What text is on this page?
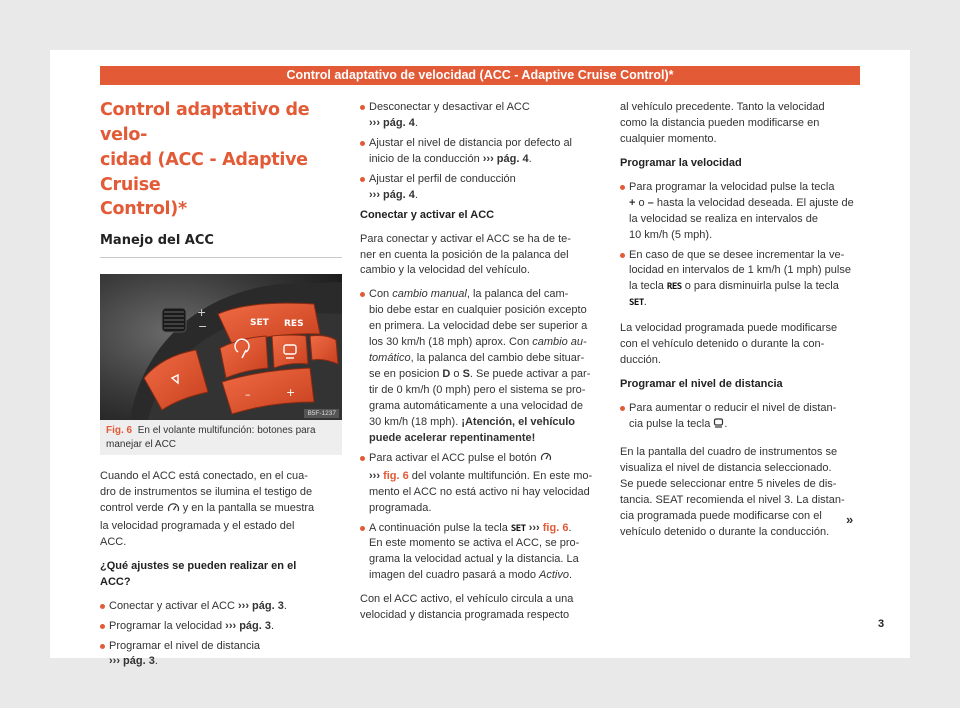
Control adaptativo de velocidad (ACC - Adaptive Cruise Control)*
Control adaptativo de velo-
cidad (ACC - Adaptive Cruise
Control)*
Manejo del ACC
+
−	SET RES
–	+
B5F-1237
Fig. 6 En el volante multifunción: botones para manejar el ACC

Cuando el ACC está conectado, en el cua-
dro de instrumentos se ilumina el testigo de
control verde  y en la pantalla se muestra
la velocidad programada y el estado del
ACC.

¿Qué ajustes se pueden realizar en el
ACC?

Conectar y activar el ACC ››› pág. 3.
Programar la velocidad ››› pág. 3.
Programar el nivel de distancia
››› pág. 3.
Desconectar y desactivar el ACC
››› pág. 4.
Ajustar el nivel de distancia por defecto al
inicio de la conducción ››› pág. 4.
Ajustar el perfil de conducción
››› pág. 4.

Conectar y activar el ACC

Para conectar y activar el ACC se ha de te-
ner en cuenta la posición de la palanca del
cambio y la velocidad del vehículo.

Con cambio manual, la palanca del cam-
bio debe estar en cualquier posición excepto
en primera. La velocidad debe ser superior a
los 30 km/h (18 mph) aprox. Con cambio au-
tomático, la palanca del cambio debe situar-
se en posicion D o S. Se puede activar a par-
tir de 0 km/h (0 mph) pero el sistema se pro-
grama automáticamente a una velocidad de
30 km/h (18 mph). ¡Atención, el vehículo
puede acelerar repentinamente!
Para activar el ACC pulse el botón
››› fig. 6 del volante multifunción. En este mo-
mento el ACC no está activo ni hay velocidad
programada.
A continuación pulse la tecla SET ››› fig. 6.
En este momento se activa el ACC, se pro-
grama la velocidad actual y la distancia. La
imagen del cuadro pasará a modo Activo.

Con el ACC activo, el vehículo circula a una
velocidad y distancia programada respecto

al vehículo precedente. Tanto la velocidad
como la distancia pueden modificarse en
cualquier momento.

Programar la velocidad

Para programar la velocidad pulse la tecla
+ o – hasta la velocidad deseada. El ajuste de
la velocidad se realiza en intervalos de
10 km/h (5 mph).
En caso de que se desee incrementar la ve-
locidad en intervalos de 1 km/h (1 mph) pulse
la tecla RES o para disminuirla pulse la tecla
SET.

La velocidad programada puede modificarse
con el vehículo detenido o durante la con-
ducción.

Programar el nivel de distancia

Para aumentar o reducir el nivel de distan-
cia pulse la tecla .

En la pantalla del cuadro de instrumentos se
visualiza el nivel de distancia seleccionado.
Se puede seleccionar entre 5 niveles de dis-
tancia. SEAT recomienda el nivel 3. La distan-
cia programada puede modificarse con el
vehículo detenido o durante la conducción.

»
3
